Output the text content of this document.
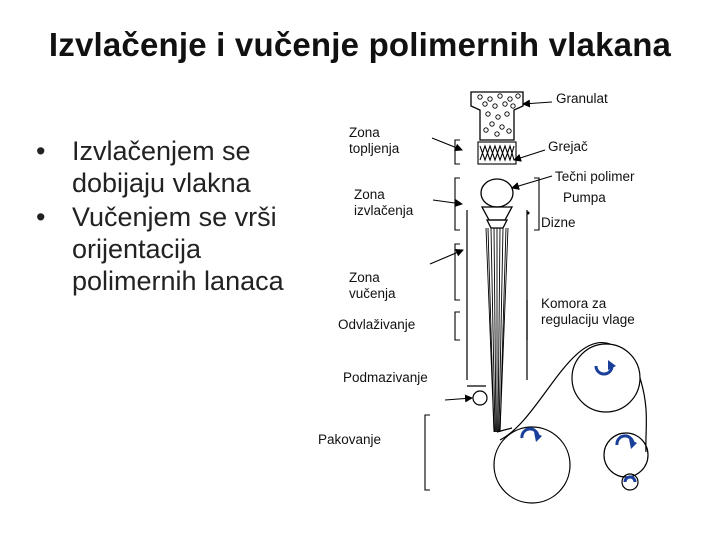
Izvlačenje i vučenje polimernih vlakana
• Izvlačenjem se dobijaju vlakna
• Vučenjem se vrši orijentacija polimernih lanaca
Granulat
Zona
topljenja	Grejač
Tečni polimer
Pumpa
Zona
izvlačenja
Dizne
Zona
vučenja
Komora za
regulaciju vlage
Odvlaživanje
Podmazivanje
Pakovanje
